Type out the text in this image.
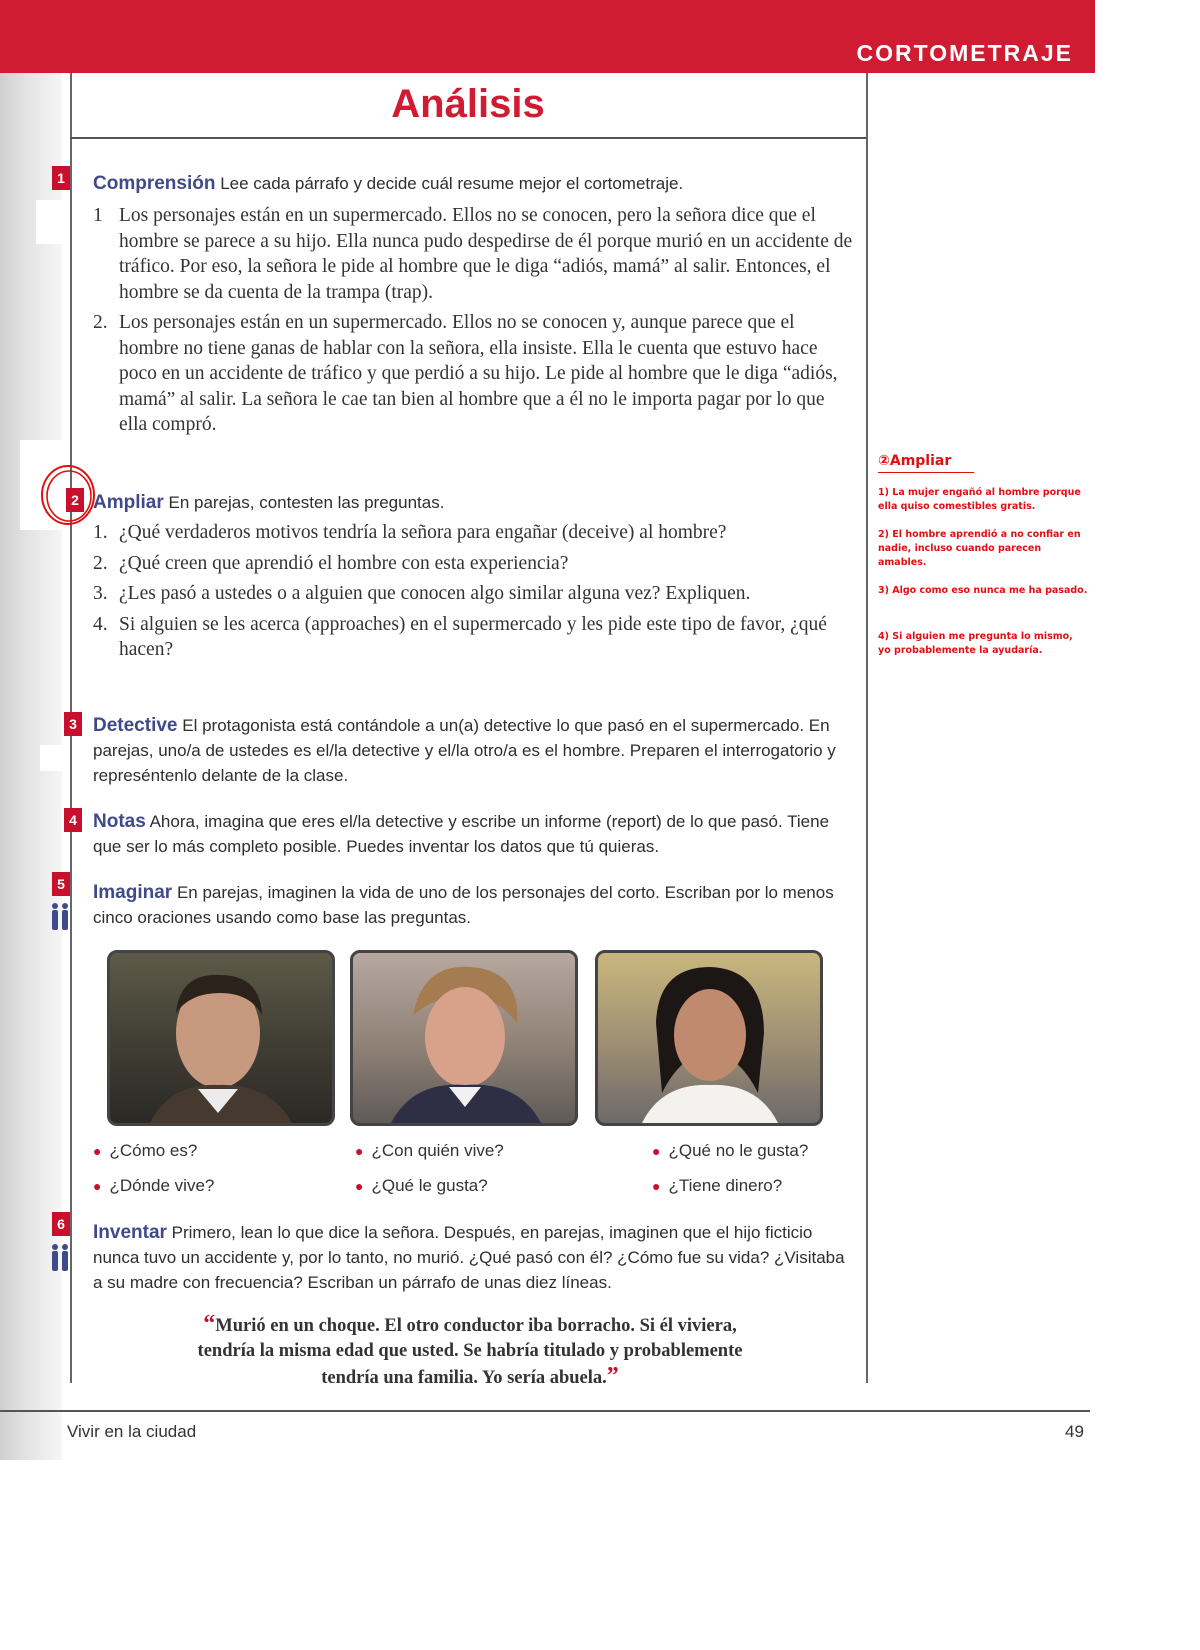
CORTOMETRAJE
Análisis
1 Comprensión Lee cada párrafo y decide cuál resume mejor el cortometraje.
1 Los personajes están en un supermercado. Ellos no se conocen, pero la señora dice que el hombre se parece a su hijo. Ella nunca pudo despedirse de él porque murió en un accidente de tráfico. Por eso, la señora le pide al hombre que le diga “adiós, mamá” al salir. Entonces, el hombre se da cuenta de la trampa (trap).
2. Los personajes están en un supermercado. Ellos no se conocen y, aunque parece que el hombre no tiene ganas de hablar con la señora, ella insiste. Ella le cuenta que estuvo hace poco en un accidente de tráfico y que perdió a su hijo. Le pide al hombre que le diga “adiós, mamá” al salir. La señora le cae tan bien al hombre que a él no le importa pagar por lo que ella compró.
2 Ampliar En parejas, contesten las preguntas.
1. ¿Qué verdaderos motivos tendría la señora para engañar (deceive) al hombre?
2. ¿Qué creen que aprendió el hombre con esta experiencia?
3. ¿Les pasó a ustedes o a alguien que conocen algo similar alguna vez? Expliquen.
4. Si alguien se les acerca (approaches) en el supermercado y les pide este tipo de favor, ¿qué hacen?
3 Detective El protagonista está contándole a un(a) detective lo que pasó en el supermercado. En parejas, uno/a de ustedes es el/la detective y el/la otro/a es el hombre. Preparen el interrogatorio y represéntenlo delante de la clase.
4 Notas Ahora, imagina que eres el/la detective y escribe un informe (report) de lo que pasó. Tiene que ser lo más completo posible. Puedes inventar los datos que tú quieras.
5 Imaginar En parejas, imaginen la vida de uno de los personajes del corto. Escriban por lo menos cinco oraciones usando como base las preguntas.
● ¿Cómo es?
● ¿Dónde vive?
● ¿Con quién vive?
● ¿Qué le gusta?
● ¿Qué no le gusta?
● ¿Tiene dinero?
6 Inventar Primero, lean lo que dice la señora. Después, en parejas, imaginen que el hijo ficticio nunca tuvo un accidente y, por lo tanto, no murió. ¿Qué pasó con él? ¿Cómo fue su vida? ¿Visitaba a su madre con frecuencia? Escriban un párrafo de unas diez líneas.
“Murió en un choque. El otro conductor iba borracho. Si él viviera, tendría la misma edad que usted. Se habría titulado y probablemente tendría una familia. Yo sería abuela.”
Vivir en la ciudad	49
②Ampliar
1) La mujer engañó al hombre porque ella quiso comestibles gratis.
2) El hombre aprendió a no confiar en nadie, incluso cuando parecen amables.
3) Algo como eso nunca me ha pasado.
4) Si alguien me pregunta lo mismo, yo probablemente la ayudaría.
